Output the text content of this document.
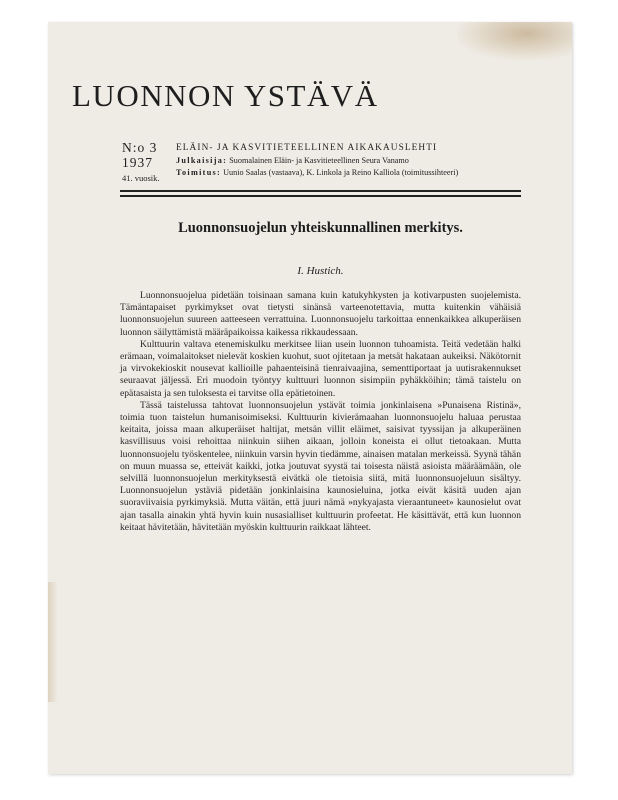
LUONNON YSTÄVÄ
N:o 3
1937
41. vuosik.
ELÄIN- JA KASVITIETEELLINEN AIKAKAUSLEHTI
Julkaisija: Suomalainen Eläin- ja Kasvitieteellinen Seura Vanamo
Toimitus: Uunio Saalas (vastaava), K. Linkola ja Reino Kalliola (toimitussihteeri)
Luonnonsuojelun yhteiskunnallinen merkitys.
I. Hustich.

Luonnonsuojelua pidetään toisinaan samana kuin katukyhkysten ja kotivarpusten suojelemista. Tämäntapaiset pyrkimykset ovat tietysti sinänsä varteenotettavia, mutta kuitenkin vähäisiä luonnonsuojelun suureen aatteeseen verrattuina. Luonnonsuojelu tarkoittaa ennenkaikkea alkuperäisen luonnon säilyttämistä määräpaikoissa kaikessa rikkaudessaan.

Kulttuurin valtava etenemiskulku merkitsee liian usein luonnon tuhoamista. Teitä vedetään halki erämaan, voimalaitokset nielevät koskien kuohut, suot ojitetaan ja metsät hakataan aukeiksi. Näkötornit ja virvokekioskit nousevat kallioille pahaenteisinä tienraivaajina, sementtiportaat ja uutisrakennukset seuraavat jäljessä. Eri muodoin työntyy kulttuuri luonnon sisimpiin pyhäkköihin; tämä taistelu on epätasaista ja sen tuloksesta ei tarvitse olla epätietoinen.

Tässä taistelussa tahtovat luonnonsuojelun ystävät toimia jonkinlaisena »Punaisena Ristinä», toimia tuon taistelun humanisoimiseksi. Kulttuurin kivierämaahan luonnonsuojelu haluaa perustaa keitaita, joissa maan alkuperäiset haltijat, metsän villit eläimet, saisivat tyyssijan ja alkuperäinen kasvillisuus voisi rehoittaa niinkuin siihen aikaan, jolloin koneista ei ollut tietoakaan. Mutta luonnonsuojelu työskentelee, niinkuin varsin hyvin tiedämme, ainaisen matalan merkeissä. Syynä tähän on muun muassa se, etteivät kaikki, jotka joutuvat syystä tai toisesta näistä asioista määräämään, ole selvillä luonnonsuojelun merkityksestä eivätkä ole tietoisia siitä, mitä luonnonsuojeluun sisältyy. Luonnonsuojelun ystäviä pidetään jonkinlaisina kaunosieluina, jotka eivät käsitä uuden ajan suoraviivaisia pyrkimyksiä. Mutta väitän, että juuri nämä »nykyajasta vieraantuneet» kaunosielut ovat ajan tasalla ainakin yhtä hyvin kuin nusasialliset kulttuurin profeetat. He käsittävät, että kun luonnon keitaat hävitetään, hävitetään myöskin kulttuurin raikkaat lähteet.
